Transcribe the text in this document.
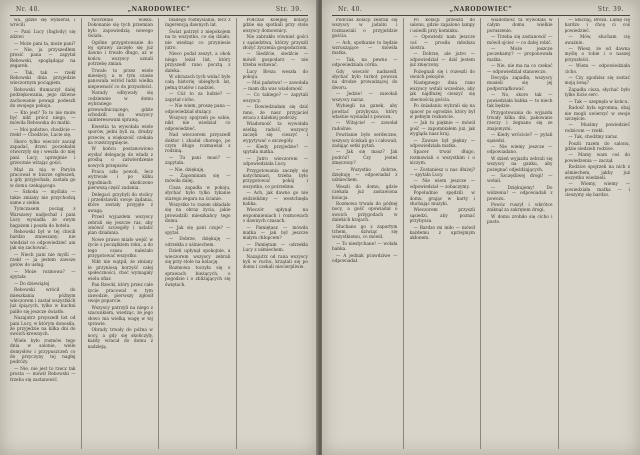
Nr. 40.	„NARODOWIEC”	Str. 39.

wa, gdzie się wybierał, i wrócili

— Pani Lucy (Inglody) się zdziwi

— Może pani ta, może pani?

— Nie, ja przyszedłem prosić pana — zapytał Rebowski, spoglądając na zegarek.

— Tak, tak — rzekł Rebowski dnia przyjedzie wieczornym pociągiem.

Rebowski tłumaczył dalej podziękowania, jego dziwne zachowanie powagi podeszli do swojego pokoju.

— Kto jest? To to nie może być nikt prócz niego, — mówiła Rebowska do matki.

— Moi państwo, chodźcie — rzekł — Chodźcie, Lucie się.

Skoro tylko wieczór zaczął zapadać, drzwi poczekalni otworzyły się i weszła do niej pani Lucy, uprzejmie i grzecznie witając gości.

Mąż za nią w Paryżu pracował w biurze ogłoszeń, a gdy przyjechała, zastała go w domu czekającego.

— Szkoda — myślała — takie zmiany nie przychodzą same z siebie.

Tymczasem pociąg z Warszawy nadjechał i pani Lucy wysiadła ze swym bagażem i poszła do hotelu.

Rebowski był w tej chwili bardzo zmieszany; nie wiedział co odpowiedzieć ani jak się zachować.

— Niech pani nie myśli — rzekł — ja jestem zawsze gotów do usług.

— Może rozmowa? — spytała

— Do dziewiątej

Rebowski wrócił do mieszkania późnym wieczorem i zastał wszystkich już śpiących, tylko w kuchni paliło się jeszcze światło.

Nazajutrz przyszedł list od pani Lucy, w którym donosiła, że przyjedzie na kilka dni do swoich krewnych.

Wiele było rozmów tego dnia w salonie, wiele domysłów i przypuszczeń co do przyczyny tej nagłej podróży.

— Nie, nie jest to rzecz tak prosta — mówił Rebowski — trzeba się zastanowić.

tworzenie wieku. Dokonanie się tych przemian było zapowiedzią nowego świata.

Ogólne przygotowanie do tej sprawy zaczęło się już dawno i trwało długo, aż w końcu wszyscy uznali potrzebę zmian.

Trwało to przez wiele miesięcy, a w tym czasie panowała wśród ludzi wielka niepewność co do przyszłości.

Narady odbywały się codziennie w domu wybranego przewodniczącego, gdzie schodzili się wszyscy zainteresowani sprawą.

Kwestia ta wywołała wiele sporów, jedni byli za, drudzy przeciw, a większość czekała na rozstrzygnięcie.

W końcu postanowiono wysłać delegację do władz z prośbą o zatwierdzenie nowych przepisów.

Praca szła powoli, lecz wytrwale i po kilku tygodniach ukończono pierwszą część zadania.

Delegaci przybyli do stolicy i przedstawili swoje żądania, które zostały przyjęte z uwagą.

Przed wyjazdem wszyscy zebrali się jeszcze raz, aby omówić szczegóły i ustalić plan działania.

Nowe prawo miało wejść w życie z początkiem roku, a do tego czasu należało przygotować wszystko.

Nikt nie wątpił, że zmiany te przyniosą korzyść całej społeczności, choć wymagały wielu ofiar.

Pan Rzecki, który przez całe życie pracował w tym zawodzie, pierwszy zgłosił swoje poparcie.

Wszyscy patrzyli na niego z szacunkiem, wiedząc, że jego słowo ma wielką wagę w tej sprawie.

Obrady trwały do późna w nocy, a gdy się skończyły, każdy wracał do domu z nadzieją.

bladego rozmyślania, lecz z ingerencją dawnych lat.

Świat patrzył z niepokojem na to wszystko, co się działo, nie wiedząc co przyniesie jutro.

Nieco podał zeszyt, a obok niego leżał list, który przyszedł rano pocztą z daleka.

W obrazach tych widać było całą historię ubiegłych lat, pełną trudów i nadziei.

— Cóż to za ludzie? — zapytał cicho.

— Nie wiem, proszę pana — odpowiedział służący.

Wszyscy spojrzeli po sobie, nikt nie wiedział co odpowiedzieć.

Nad wieczorem przyszedł doktor i zbadał chorego, po czym długo rozmawiał z rodziną.

— Tu pani musi? — zapytała.

— Nie, dziękuję.

— Zapominam się — mówiła dalej.

Cisza zapadła w pokoju, słychać było tylko tykanie starego zegara na ścianie.

Wszystko to razem składało się na obraz życia, jakie prowadzili mieszkańcy tego domu.

— Jak się pani czuje? — spytał.

— Dobrze, dziękuję — odrzekła z uśmiechem.

Dzień upłynął spokojnie, a wieczorem wszyscy zebrali się przy stole na kolację.

Rozmowa toczyła się o sprawach bieżących, o pogodzie i o zbliżających się świętach.

Podczas kolejnej kolacji gdzie się spotkali przy stole wszyscy domownicy.

Nie zabrakło również gości z sąsiedztwa, którzy przyszli złożyć życzenia gospodarzom.

— Siedźcie, siedźcie — mówił gospodarz — nie trzeba wstawać.

Lucy Breza weszła do pokoju.

— Moi państwo! — zawołała — mam dla was wiadomość.

— Co takiego? — zapytali wszyscy.

— Dowiedziałam się dziś rano, że nasz przyjaciel wraca z dalekiej podróży.

Wiadomość ta wywołała wielką radość, wszyscy zaczęli się cieszyć i wypytywać o szczegóły.

— Kiedy przyjedzie? — spytała matka.

— Jutro wieczorem — odpowiedziała Lucy.

Przygotowania zaczęły się natychmiast, trzeba było przygotować pokój i wszystko, co potrzebne.

— Ach, jak dawno go nie widzieliśmy — westchnęła babka.

Wieczór upłynął na wspomnieniach i rozmowach o dawnych czasach.

— Pamiętasz — mówiła matka — jak był jeszcze małym chłopcem?

— Pamiętam — odrzekła Lucy z uśmiechem.

Nazajutrz od rana wszyscy byli w ruchu, krzątali się po domu i czekali niecierpliwie.

Nr. 40.	„NARODOWIEC”	Str. 39.

Podczas kolacji zebrali się wszyscy w jadalni i rozmawiali o przyjeździe gościa.

— Ach, spotkanie to będzie wzruszające — mówiła matka.

— Tak, na pewno — odpowiedziała córka.

Gdy wieczór nadszedł, słychać było turkot powozu na drodze prowadzącej do dworu.

— Jedzie! — zawołali wszyscy naraz.

Wybiegli na ganek, aby powitać przybysza, który właśnie wysiadał z powozu.

— Witajcie! — zawołał radośnie.

Powitanie było serdeczne, wszyscy ściskali go i całowali, zadając setki pytań.

— Jak się masz? Jak podróż? Czy jesteś zmęczony?

— Wszystko dobrze, dziękuję — odpowiadał z uśmiechem.

Weszli do domu, gdzie czekała już zastawiona kolacja.

Rozmowa trwała do późnej nocy, a gość opowiadał o swoich przygodach w dalekich krajach.

Słuchano go z zapartym tchem, dziwiąc się wszystkiemu, co mówił.

— To niesłychane! — wołała babka.

— A jednak prawdziwe — odpowiadał.

Po kolacji przeszli do salonu, gdzie zapalono lampy i usiedli przy kominku.

— Opowiedz nam jeszcze coś — prosiła młodsza siostra.

— Dobrze, ale jutro — odpowiedział — dziś jestem już zmęczony.

Pożegnali się i rozeszli do swoich pokojów.

Następnego dnia rano wszyscy wstali wcześnie, aby jak najdłużej cieszyć się obecnością gościa.

Po śniadaniu wybrali się na spacer po ogrodzie, który był w pełnym rozkwicie.

— Jak tu pięknie — mówił gość — zapomniałem już, jak wygląda nasz kraj.

— Zawsze był piękny — odpowiedziała matka.

Spacer trwał długo, rozmawiali o wszystkim i o niczym.

— Zostaniesz u nas dłużej? — spytała Lucy.

— Nie wiem jeszcze — odpowiedział — zobaczymy.

Popołudnie spędzili w domu, grając w karty i słuchając muzyki.

Wieczorem przyszli sąsiedzi, aby poznać przybysza.

— Bardzo mi miło — mówił każdemu z uprzejmym ukłonem.

wiadomość ta wywołała w całym domu wielkie poruszenie.

— Trzeba się zastanowić — mówił ojciec — co dalej robić.

— Może jeszcze poczekamy? — proponowała matka.

— Nie, nie ma na co czekać — odpowiedział stanowczo.

Decyzja zapadła, wszyscy musieli się jej podporządkować.

— No, skoro tak — powiedziała babka — to niech tak będzie.

Przygotowania do wyjazdu trwały kilka dni, pakowano rzeczy i żegnano się ze znajomymi.

— Kiedy wrócicie? — pytali sąsiedzi.

— Nie wiemy jeszcze — odpowiadano.

W dzień wyjazdu zebrali się wszyscy na ganku, aby pożegnać odjeżdżających.

— Szczęśliwej drogi! — wołali.

— Dziękujemy! Do widzenia! — odpowiadali z powozu.

Powóz ruszył i wkrótce zniknął za zakrętem drogi.

W domu zrobiło się cicho i pusto.

— Słuchaj, Breza. Lubię cię bardzo i chcę ci coś powiedzieć.

— Mów, słucham cię uważnie.

— Wiesz, że od dawna myślę o tobie i o naszej przyszłości.

— Wiem — odpowiedziała cicho.

— Czy zgodzisz się zostać moją żoną?

Zapadła cisza, słychać było tylko bicie serc.

— Tak — szepnęła w końcu.

Radość była ogromna, obaj nie mogli uwierzyć w swoje szczęście.

— Musimy powiedzieć rodzicom — rzekł.

— Tak, chodźmy zaraz.

Poszli razem do salonu, gdzie siedzieli rodzice.

— Mamy wam coś do powiedzenia — zaczął.

Rodzice spojrzeli na nich z uśmiechem, jakby już wszystko wiedzieli.

— Wiemy, wiemy — powiedziała matka — i cieszymy się bardzo.
